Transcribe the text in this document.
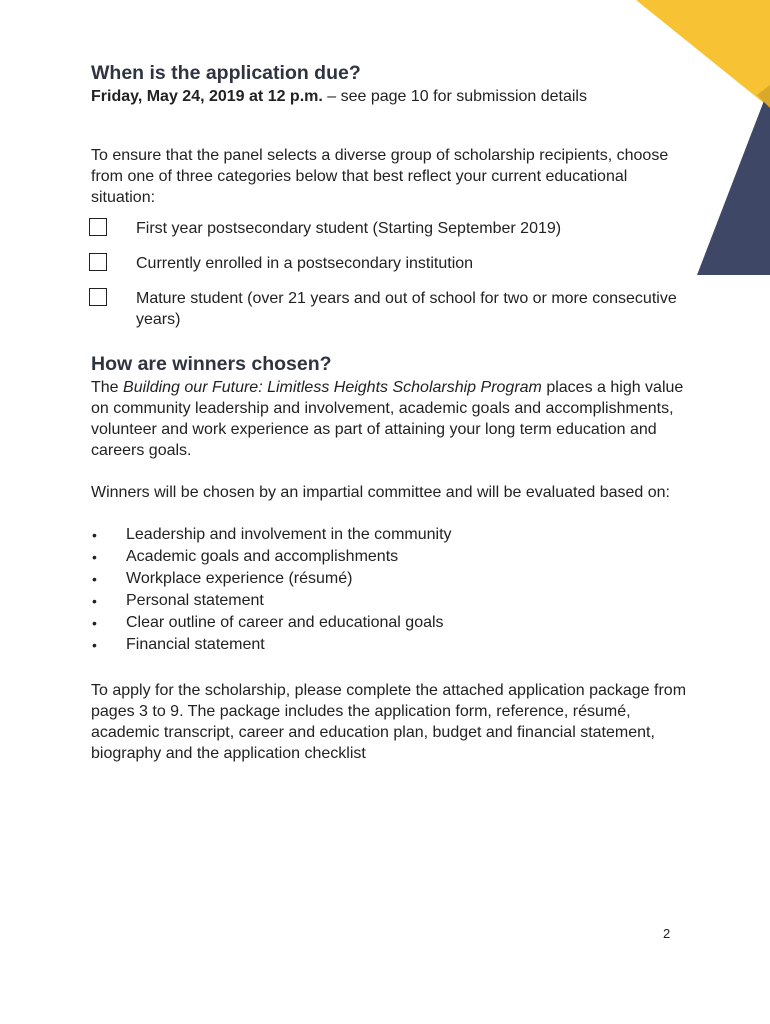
When is the application due?
Friday, May 24, 2019 at 12 p.m. – see page 10 for submission details

To ensure that the panel selects a diverse group of scholarship recipients, choose from one of three categories below that best reflect your current educational situation:

First year postsecondary student (Starting September 2019)
Currently enrolled in a postsecondary institution
Mature student (over 21 years and out of school for two or more consecutive years)
How are winners chosen?

The Building our Future: Limitless Heights Scholarship Program places a high value on community leadership and involvement, academic goals and accomplishments, volunteer and work experience as part of attaining your long term education and careers goals.

Winners will be chosen by an impartial committee and will be evaluated based on:

• Leadership and involvement in the community
• Academic goals and accomplishments
• Workplace experience (résumé)
• Personal statement
• Clear outline of career and educational goals
• Financial statement

To apply for the scholarship, please complete the attached application package from pages 3 to 9. The package includes the application form, reference, résumé, academic transcript, career and education plan, budget and financial statement, biography and the application checklist

2
